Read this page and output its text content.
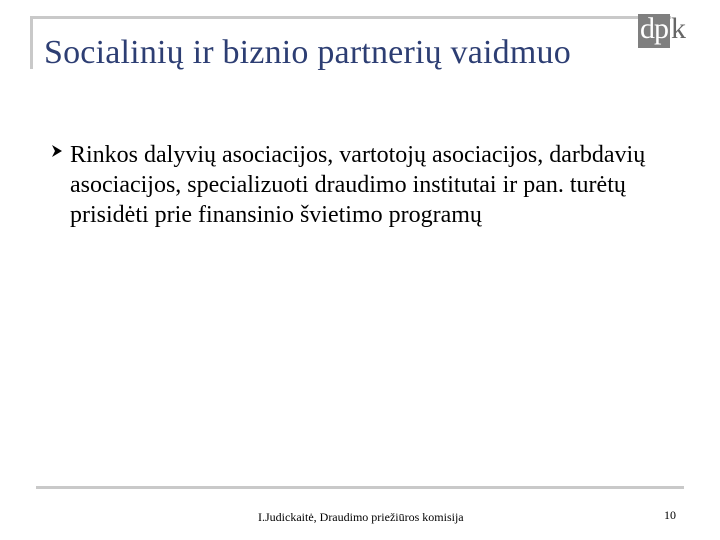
Socialinių ir biznio partnerių vaidmuo
dp k
Rinkos dalyvių asociacijos, vartotojų asociacijos, darbdavių asociacijos, specializuoti draudimo institutai ir pan. turėtų prisidėti prie finansinio švietimo programų
I.Judickaitė, Draudimo priežiūros komisija	10
